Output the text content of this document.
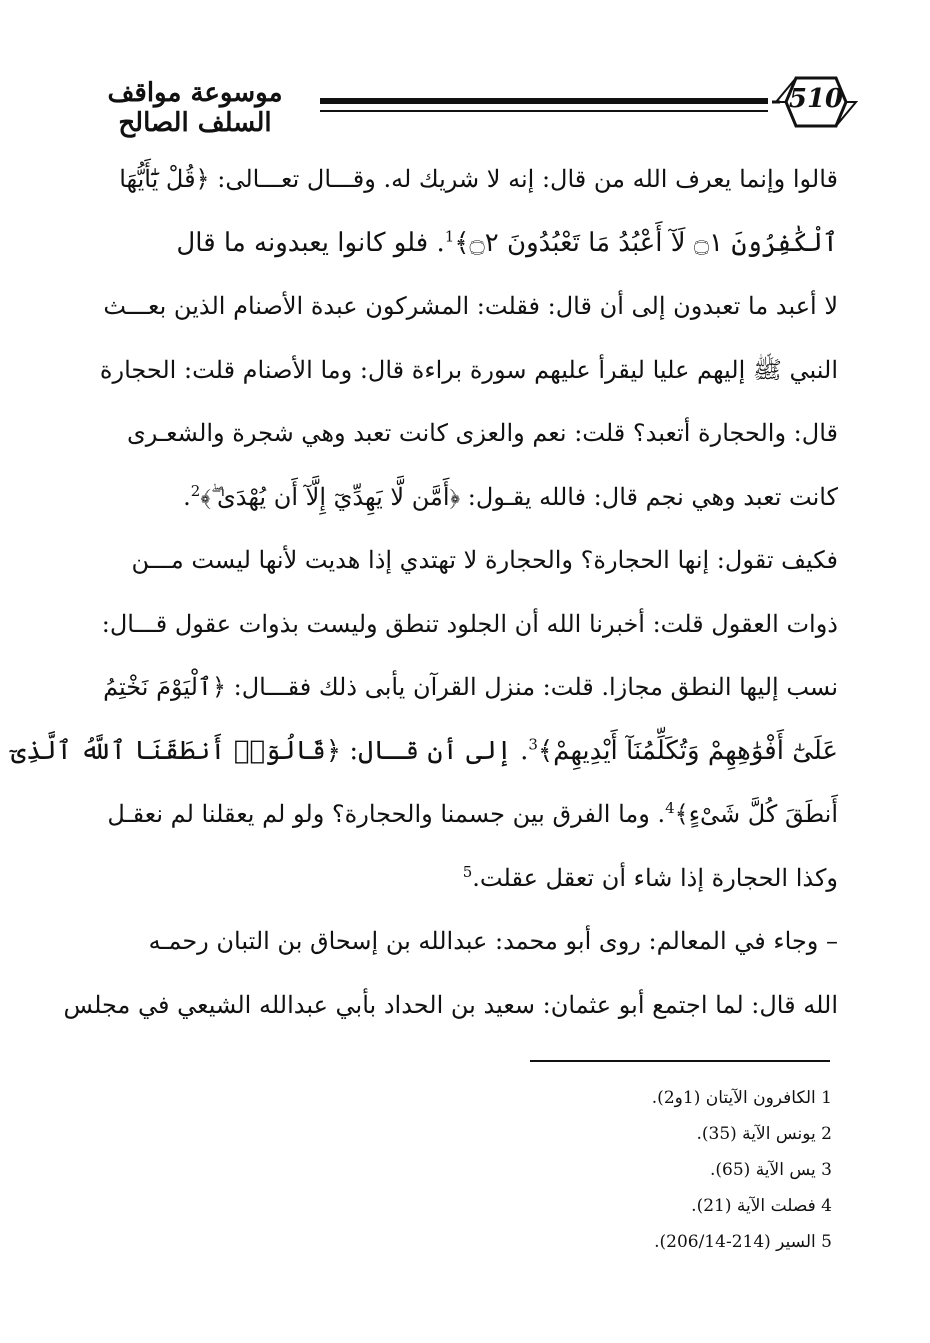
موسوعة مواقف السلف الصالح
510
قالوا وإنما يعرف الله من قال: إنه لا شريك له. وقـــال تعـــالى: ﴿قُلْ يَٰٓأَيُّهَا
ٱلْكَٰفِرُونَ ۝١ لَآ أَعْبُدُ مَا تَعْبُدُونَ ۝٢﴾$^1$. فلو كانوا يعبدونه ما قال
لا أعبد ما تعبدون إلى أن قال: فقلت: المشركون عبدة الأصنام الذين بعـــث
النبي ﷺ إليهم عليا ليقرأ عليهم سورة براءة قال: وما الأصنام قلت: الحجارة
قال: والحجارة أتعبد؟ قلت: نعم والعزى كانت تعبد وهي شجرة والشعـرى
كانت تعبد وهي نجم قال: فالله يقـول: ﴿أَمَّن لَّا يَهِدِّيٓ إِلَّآ أَن يُهْدَىٰ ۖ﴾$^2$.
فكيف تقول: إنها الحجارة؟ والحجارة لا تهتدي إذا هديت لأنها ليست مـــن
ذوات العقول قلت: أخبرنا الله أن الجلود تنطق وليست بذوات عقول قـــال:
نسب إليها النطق مجازا. قلت: منزل القرآن يأبى ذلك فقـــال: ﴿ٱلْيَوْمَ نَخْتِمُ
عَلَىٰٓ أَفْوَٰهِهِمْ وَتُكَلِّمُنَآ أَيْدِيهِمْ﴾$^3$. إلى أن قـال: ﴿قَالُوٓا۟ أَنطَقَنَا ٱللَّهُ ٱلَّذِىٓ
أَنطَقَ كُلَّ شَىْءٍ﴾$^4$. وما الفرق بين جسمنا والحجارة؟ ولو لم يعقلنا لم نعقـل
وكذا الحجارة إذا شاء أن تعقل عقلت.$^5$
– وجاء في المعالم: روى أبو محمد: عبدالله بن إسحاق بن التبان رحمـه
الله قال: لما اجتمع أبو عثمان: سعيد بن الحداد بأبي عبدالله الشيعي في مجلس
1 الكافرون الآيتان (1و2).
2 يونس الآية (35).
3 يس الآية (65).
4 فصلت الآية (21).
5 السير (214-206/14).
